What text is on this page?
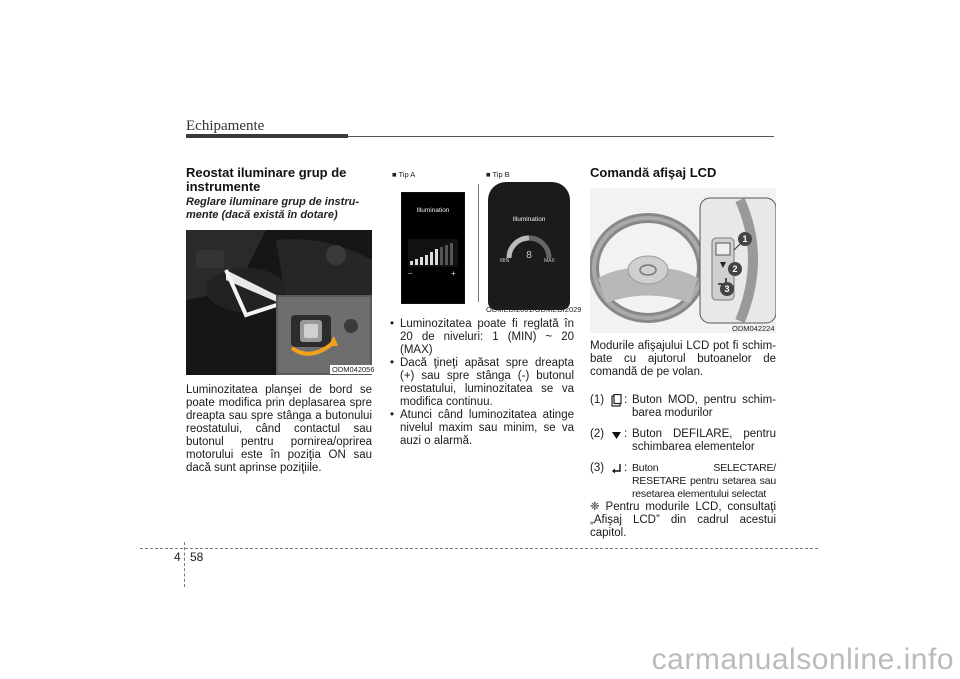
Echipamente
Reostat iluminare grup de instrumente
Reglare iluminare grup de instru-mente (dacă există în dotare)
ODM042056
Luminozitatea planşei de bord se poate modifica prin deplasarea spre dreapta sau spre stânga a butonului reostatului, când contactul sau butonul pentru pornirea/oprirea motorului este în poziţia ON sau dacă sunt aprinse poziţiile.
■ Tip A	■ Tip B
Illumination
−	+
Illumination
8
MIN	MAX
ODMEDI2001/ODMEDI2029
• Luminozitatea poate fi reglată în 20 de niveluri: 1 (MIN) ~ 20 (MAX)
• Dacă ţineţi apăsat spre dreapta (+) sau spre stânga (-) butonul reostatului, luminozitatea se va modifica continuu.
• Atunci când luminozitatea atinge nivelul maxim sau minim, se va auzi o alarmă.
Comandă afişaj LCD
1
2
3
ODM042224
Modurile afişajului LCD pot fi schim-bate cu ajutorul butoanelor de comandă de pe volan.
(1)	: Buton MOD, pentru schim-barea modurilor
(2)	: Buton DEFILARE, pentru schimbarea elementelor
(3)	: Buton SELECTARE/ RESETARE pentru setarea sau resetarea elementului selectat
❈ Pentru modurile LCD, consultaţi „Afişaj LCD” din cadrul acestui capitol.
4 58
carmanualsonline.info
